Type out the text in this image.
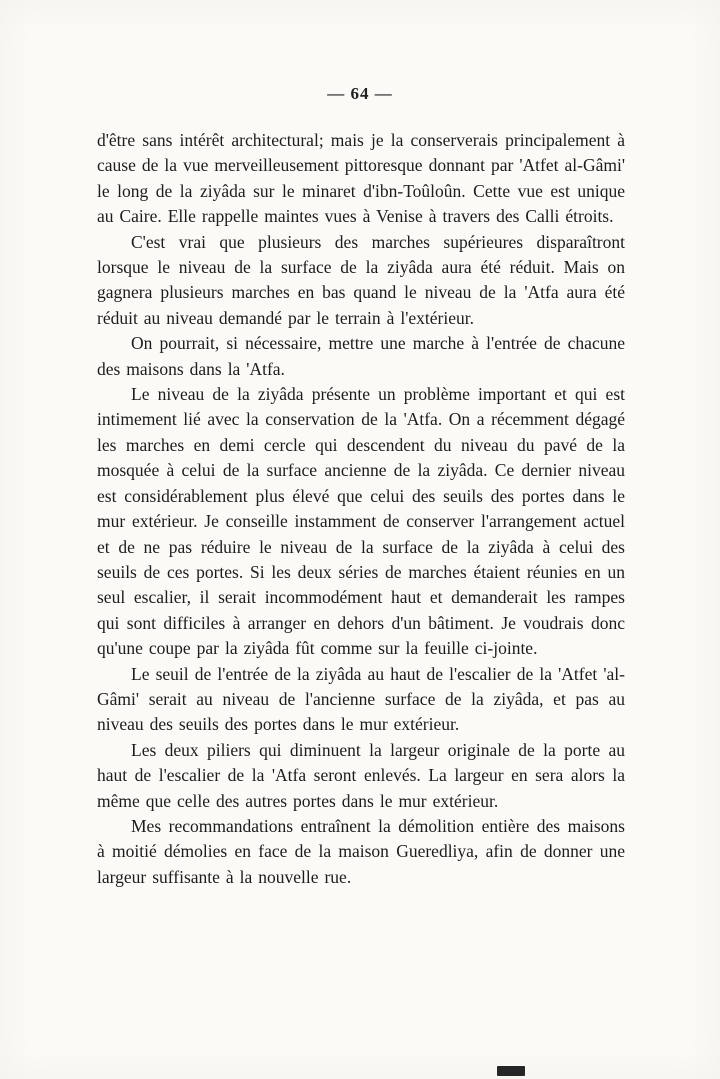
— 64 —

d'être sans intérêt architectural; mais je la conserverais principalement à cause de la vue merveilleusement pittoresque donnant par 'Atfet al-Gâmi' le long de la ziyâda sur le minaret d'ibn-Toûloûn. Cette vue est unique au Caire. Elle rappelle maintes vues à Venise à travers des Calli étroits.

C'est vrai que plusieurs des marches supérieures disparaîtront lorsque le niveau de la surface de la ziyâda aura été réduit. Mais on gagnera plusieurs marches en bas quand le niveau de la 'Atfa aura été réduit au niveau demandé par le terrain à l'extérieur.

On pourrait, si nécessaire, mettre une marche à l'entrée de chacune des maisons dans la 'Atfa.

Le niveau de la ziyâda présente un problème important et qui est intimement lié avec la conservation de la 'Atfa. On a récemment dégagé les marches en demi cercle qui descendent du niveau du pavé de la mosquée à celui de la surface ancienne de la ziyâda. Ce dernier niveau est considérablement plus élevé que celui des seuils des portes dans le mur extérieur. Je conseille instamment de conserver l'arrangement actuel et de ne pas réduire le niveau de la surface de la ziyâda à celui des seuils de ces portes. Si les deux séries de marches étaient réunies en un seul escalier, il serait incommodément haut et demanderait les rampes qui sont difficiles à arranger en dehors d'un bâtiment. Je voudrais donc qu'une coupe par la ziyâda fût comme sur la feuille ci-jointe.

Le seuil de l'entrée de la ziyâda au haut de l'escalier de la 'Atfet 'al-Gâmi' serait au niveau de l'ancienne surface de la ziyâda, et pas au niveau des seuils des portes dans le mur extérieur.

Les deux piliers qui diminuent la largeur originale de la porte au haut de l'escalier de la 'Atfa seront enlevés. La largeur en sera alors la même que celle des autres portes dans le mur extérieur.

Mes recommandations entraînent la démolition entière des maisons à moitié démolies en face de la maison Gueredliya, afin de donner une largeur suffisante à la nouvelle rue.
